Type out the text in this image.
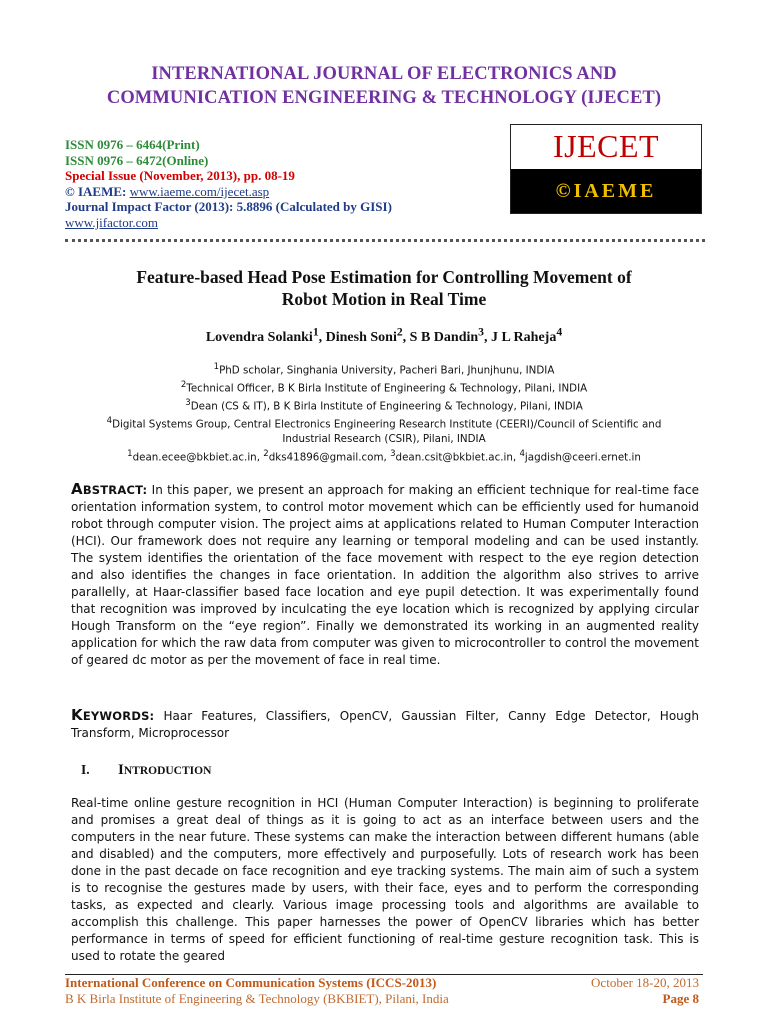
INTERNATIONAL JOURNAL OF ELECTRONICS AND
COMMUNICATION ENGINEERING & TECHNOLOGY (IJECET)
ISSN 0976 – 6464(Print)
ISSN 0976 – 6472(Online)
Special Issue (November, 2013), pp. 08-19
© IAEME: www.iaeme.com/ijecet.asp
Journal Impact Factor (2013): 5.8896 (Calculated by GISI)
www.jifactor.com
IJECET
©IAEME
Feature-based Head Pose Estimation for Controlling Movement of
Robot Motion in Real Time
Lovendra Solanki$^1$, Dinesh Soni$^2$, S B Dandin$^3$, J L Raheja$^4$
$^1$PhD scholar, Singhania University, Pacheri Bari, Jhunjhunu, INDIA
$^2$Technical Officer, B K Birla Institute of Engineering & Technology, Pilani, INDIA
$^3$Dean (CS & IT), B K Birla Institute of Engineering & Technology, Pilani, INDIA
$^4$Digital Systems Group, Central Electronics Engineering Research Institute (CEERI)/Council of Scientific and
Industrial Research (CSIR), Pilani, INDIA
$^1$dean.ecee@bkbiet.ac.in, $^2$dks41896@gmail.com, $^3$dean.csit@bkbiet.ac.in, $^4$jagdish@ceeri.ernet.in
ABSTRACT: In this paper, we present an approach for making an efficient technique for real-time face orientation information system, to control motor movement which can be efficiently used for humanoid robot through computer vision. The project aims at applications related to Human Computer Interaction (HCI). Our framework does not require any learning or temporal modeling and can be used instantly. The system identifies the orientation of the face movement with respect to the eye region detection and also identifies the changes in face orientation. In addition the algorithm also strives to arrive parallelly, at Haar-classifier based face location and eye pupil detection. It was experimentally found that recognition was improved by inculcating the eye location which is recognized by applying circular Hough Transform on the “eye region”. Finally we demonstrated its working in an augmented reality application for which the raw data from computer was given to microcontroller to control the movement of geared dc motor as per the movement of face in real time.
KEYWORDS: Haar Features, Classifiers, OpenCV, Gaussian Filter, Canny Edge Detector, Hough Transform, Microprocessor
I. INTRODUCTION
Real-time online gesture recognition in HCI (Human Computer Interaction) is beginning to proliferate and promises a great deal of things as it is going to act as an interface between users and the computers in the near future. These systems can make the interaction between different humans (able and disabled) and the computers, more effectively and purposefully. Lots of research work has been done in the past decade on face recognition and eye tracking systems. The main aim of such a system is to recognise the gestures made by users, with their face, eyes and to perform the corresponding tasks, as expected and clearly. Various image processing tools and algorithms are available to accomplish this challenge. This paper harnesses the power of OpenCV libraries which has better performance in terms of speed for efficient functioning of real-time gesture recognition task. This is used to rotate the geared
International Conference on Communication Systems (ICCS-2013)	October 18-20, 2013
B K Birla Institute of Engineering & Technology (BKBIET), Pilani, India	Page 8
